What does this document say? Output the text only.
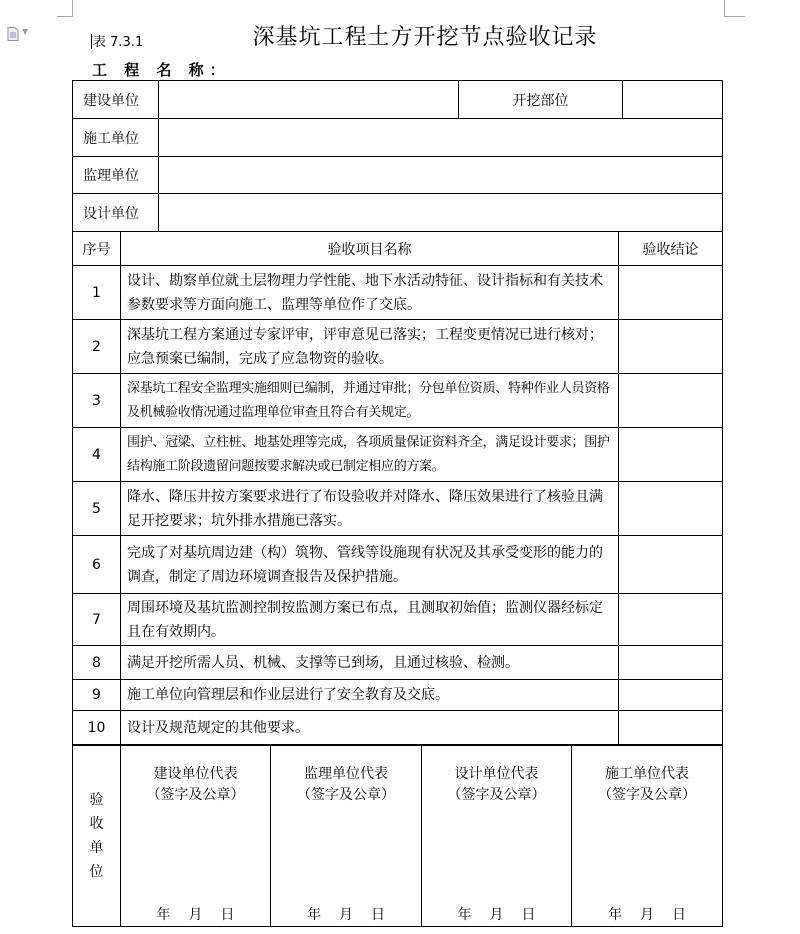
▼
表 7.3.1	深基坑工程土方开挖节点验收记录
工 程 名 称：
建设单位			开挖部位		
施工单位					
监理单位					
设计单位					
序号	验收项目名称			验收结论	
1	设计、勘察单位就土层物理力学性能、地下水活动特征、设计指标和有关技术参数要求等方面向施工、监理等单位作了交底。				
2	深基坑工程方案通过专家评审，评审意见已落实；工程变更情况已进行核对；应急预案已编制，完成了应急物资的验收。				
3	深基坑工程安全监理实施细则已编制，并通过审批；分包单位资质、特种作业人员资格及机械验收情况通过监理单位审查且符合有关规定。				
4	围护、冠梁、立柱桩、地基处理等完成，各项质量保证资料齐全，满足设计要求；围护结构施工阶段遗留问题按要求解决或已制定相应的方案。				
5	降水、降压井按方案要求进行了布设验收并对降水、降压效果进行了核验且满足开挖要求；坑外排水措施已落实。				
6	完成了对基坑周边建（构）筑物、管线等设施现有状况及其承受变形的能力的调查，制定了周边环境调查报告及保护措施。				
7	周围环境及基坑监测控制按监测方案已布点，且测取初始值；监测仪器经标定且在有效期内。				
8	满足开挖所需人员、机械、支撑等已到场，且通过核验、检测。				
9	施工单位向管理层和作业层进行了安全教育及交底。				
10	设计及规范规定的其他要求。				
验
收
单
位

建设单位代表
（签字及公章）
年 月 日

监理单位代表
（签字及公章）
年 月 日

设计单位代表
（签字及公章）
年 月 日

施工单位代表
（签字及公章）
年 月 日
